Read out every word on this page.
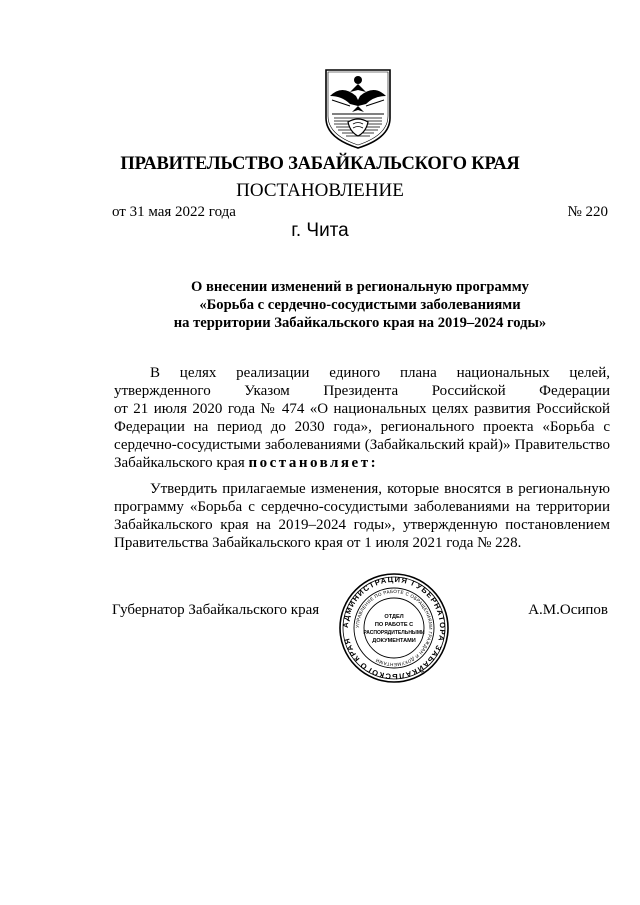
ПРАВИТЕЛЬСТВО ЗАБАЙКАЛЬСКОГО КРАЯ
ПОСТАНОВЛЕНИЕ
от 31 мая 2022 года	№ 220
г. Чита
О внесении изменений в региональную программу
«Борьба с сердечно-сосудистыми заболеваниями
на территории Забайкальского края на 2019–2024 годы»
В целях реализации единого плана национальных целей,
утвержденного Указом Президента Российской Федерации
от 21 июля 2020 года № 474 «О национальных целях развития Российской
Федерации на период до 2030 года», регионального проекта «Борьба с
сердечно-сосудистыми заболеваниями (Забайкальский край)» Правительство
Забайкальского края постановляет:
Утвердить прилагаемые изменения, которые вносятся в региональную
программу «Борьба с сердечно-сосудистыми заболеваниями на территории
Забайкальского края на 2019–2024 годы», утвержденную постановлением
Правительства Забайкальского края от 1 июля 2021 года № 228.
Губернатор Забайкальского края	А.М.Осипов
АДМИНИСТРАЦИЯ ГУБЕРНАТОРА ЗАБАЙКАЛЬСКОГО КРАЯ
УПРАВЛЕНИЕ ПО РАБОТЕ С ОБРАЩЕНИЯМИ ГРАЖДАН И ДОКУМЕНТАМИ
ОТДЕЛ
ПО РАБОТЕ С
РАСПОРЯДИТЕЛЬНЫМИ
ДОКУМЕНТАМИ
